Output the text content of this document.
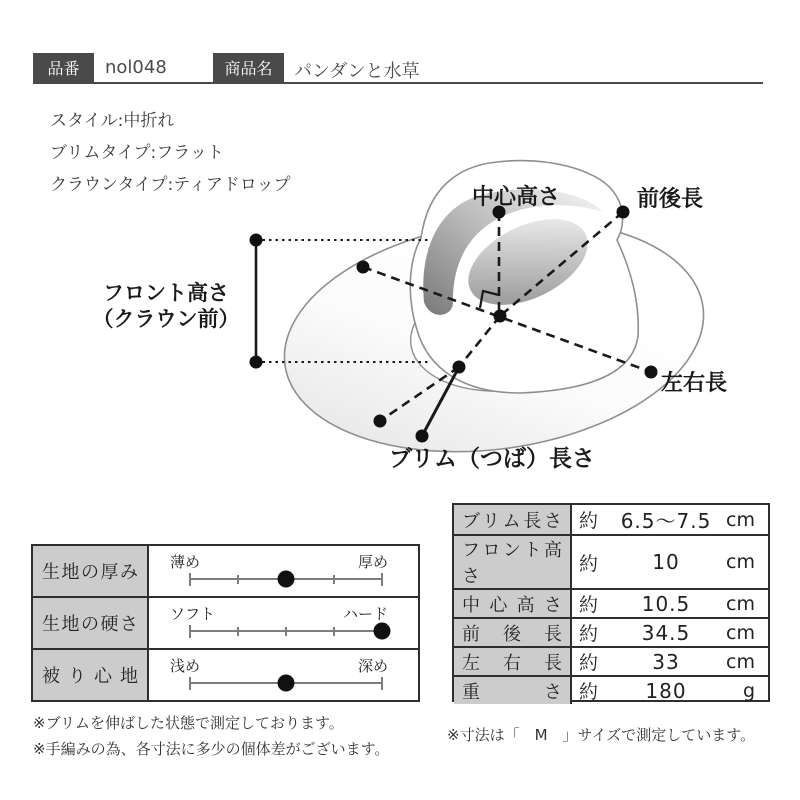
品番 nol048	商品名 パンダンと水草
スタイル:中折れ
ブリムタイプ:フラット
クラウンタイプ:ティアドロップ	中心高さ	前後長
フロント高さ
（クラウン前）
左右長
ブリム（つば）長さ
生地の厚み 薄め	厚め
生地の硬さ ソフト	ハード
被り心地 浅め	深め
ブリム長さ 約	6.5〜7.5 cm
フロント高さ
約	10	cm
中心高さ 約	10.5	cm
前後長 約	34.5	cm
左右長 約	33	cm
重さ 約	180	g
※ブリムを伸ばした状態で測定しております。
※手編みの為、各寸法に多少の個体差がございます。
※寸法は「　M　」サイズで測定しています。
